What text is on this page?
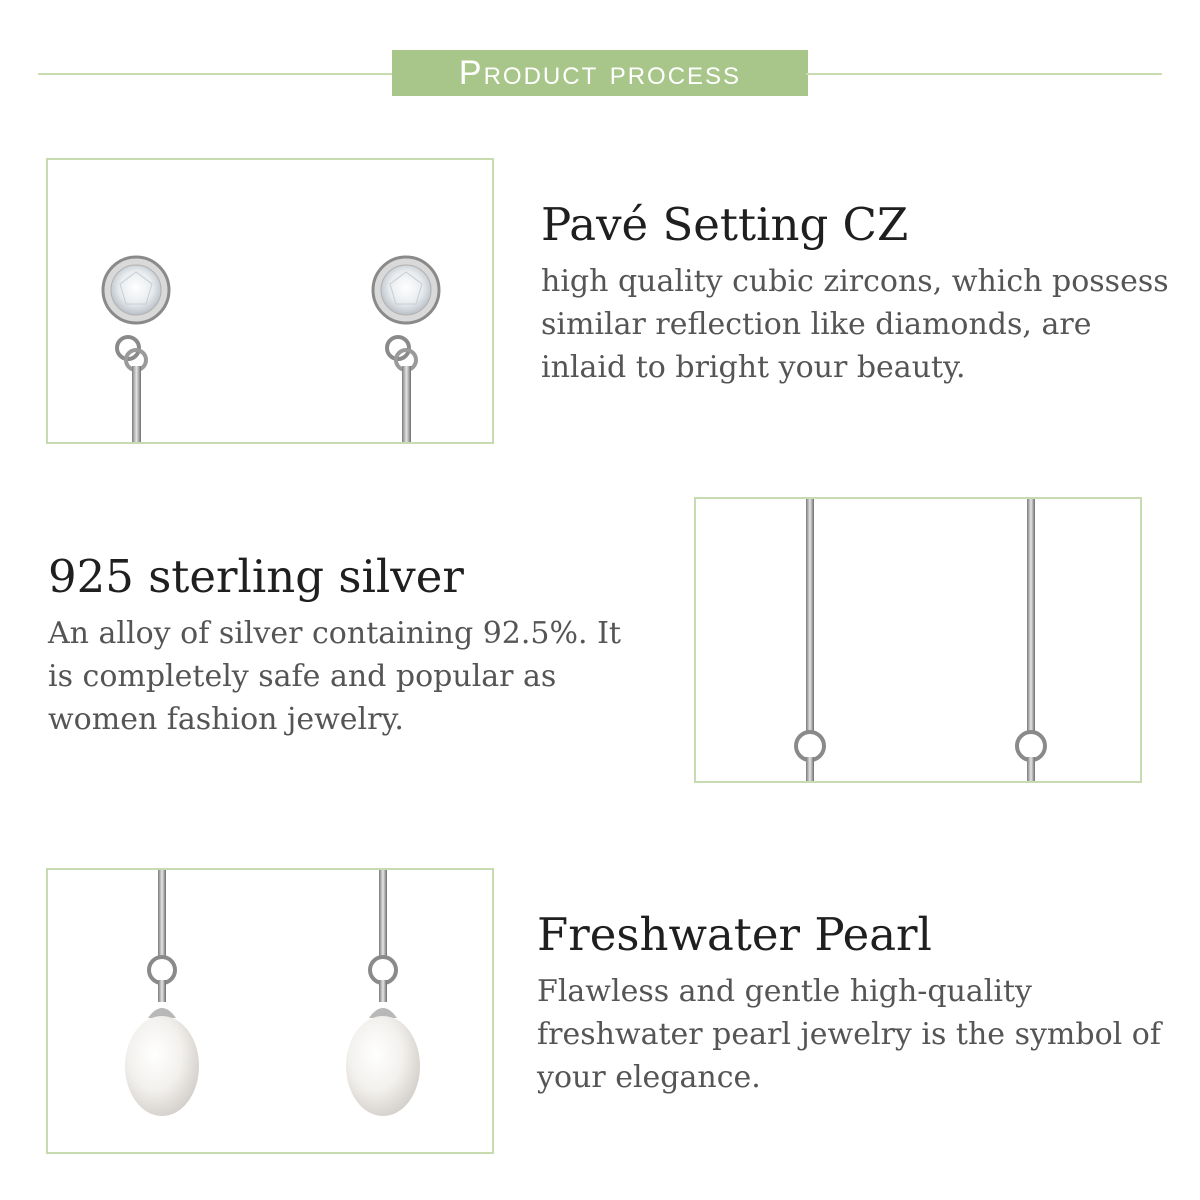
Product process
Pavé Setting CZ

high quality cubic zircons, which possess similar reflection like diamonds, are inlaid to bright your beauty.

925 sterling silver

An alloy of silver containing 92.5%. It is completely safe and popular as women fashion jewelry.

Freshwater Pearl

Flawless and gentle high-quality freshwater pearl jewelry is the symbol of your elegance.
